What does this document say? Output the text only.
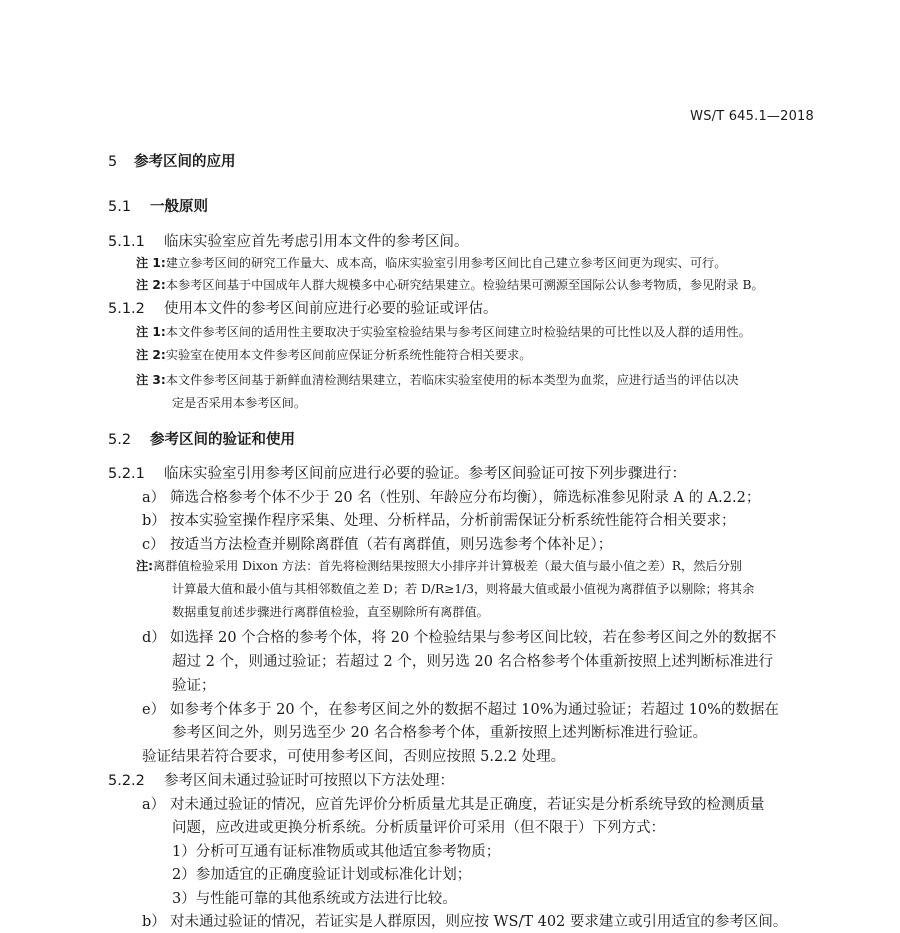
WS/T 645.1—2018
5 参考区间的应用
5.1 一般原则
5.1.1 临床实验室应首先考虑引用本文件的参考区间。
注 1:建立参考区间的研究工作量大、成本高，临床实验室引用参考区间比自己建立参考区间更为现实、可行。
注 2:本参考区间基于中国成年人群大规模多中心研究结果建立。检验结果可溯源至国际公认参考物质，参见附录 B。
5.1.2 使用本文件的参考区间前应进行必要的验证或评估。
注 1:本文件参考区间的适用性主要取决于实验室检验结果与参考区间建立时检验结果的可比性以及人群的适用性。
注 2:实验室在使用本文件参考区间前应保证分析系统性能符合相关要求。
注 3:本文件参考区间基于新鲜血清检测结果建立，若临床实验室使用的标本类型为血浆，应进行适当的评估以决
定是否采用本参考区间。
5.2 参考区间的验证和使用
5.2.1 临床实验室引用参考区间前应进行必要的验证。参考区间验证可按下列步骤进行：
a） 筛选合格参考个体不少于 20 名（性别、年龄应分布均衡），筛选标准参见附录 A 的 A.2.2；
b） 按本实验室操作程序采集、处理、分析样品，分析前需保证分析系统性能符合相关要求；
c） 按适当方法检查并剔除离群值（若有离群值，则另选参考个体补足）；
注:离群值检验采用 Dixon 方法：首先将检测结果按照大小排序并计算极差（最大值与最小值之差）R，然后分别
计算最大值和最小值与其相邻数值之差 D；若 D/R≥1/3，则将最大值或最小值视为离群值予以剔除；将其余
数据重复前述步骤进行离群值检验，直至剔除所有离群值。
d） 如选择 20 个合格的参考个体，将 20 个检验结果与参考区间比较，若在参考区间之外的数据不
超过 2 个，则通过验证；若超过 2 个，则另选 20 名合格参考个体重新按照上述判断标准进行
验证；
e） 如参考个体多于 20 个，在参考区间之外的数据不超过 10%为通过验证；若超过 10%的数据在
参考区间之外，则另选至少 20 名合格参考个体，重新按照上述判断标准进行验证。
验证结果若符合要求，可使用参考区间，否则应按照 5.2.2 处理。
5.2.2 参考区间未通过验证时可按照以下方法处理：
a） 对未通过验证的情况，应首先评价分析质量尤其是正确度，若证实是分析系统导致的检测质量
问题，应改进或更换分析系统。分析质量评价可采用（但不限于）下列方式：
1）分析可互通有证标准物质或其他适宜参考物质；
2）参加适宜的正确度验证计划或标准化计划；
3）与性能可靠的其他系统或方法进行比较。
b） 对未通过验证的情况，若证实是人群原因，则应按 WS/T 402 要求建立或引用适宜的参考区间。
